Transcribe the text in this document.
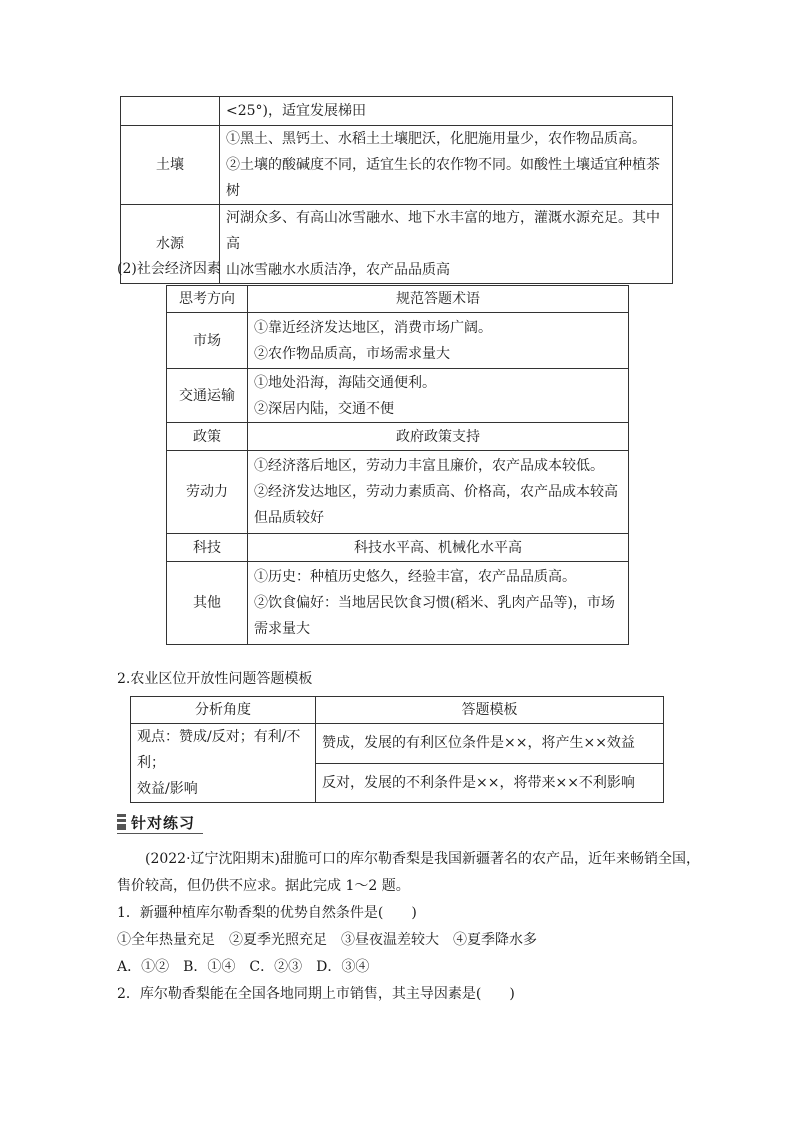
	<25°)，适宜发展梯田

土壤	①黑土、黑钙土、水稻土土壤肥沃，化肥施用量少，农作物品质高。
②土壤的酸碱度不同，适宜生长的农作物不同。如酸性土壤适宜种植茶树

水源	河湖众多、有高山冰雪融水、地下水丰富的地方，灌溉水源充足。其中高
山冰雪融水水质洁净，农产品品质高
(2)社会经济因素
思考方向	规范答题术语
市场	①靠近经济发达地区，消费市场广阔。
②农作物品质高，市场需求量大

交通运输	①地处沿海，海陆交通便利。
②深居内陆，交通不便

政策	政府政策支持
劳动力	①经济落后地区，劳动力丰富且廉价，农产品成本较低。
②经济发达地区，劳动力素质高、价格高，农产品成本较高
但品质较好

科技	科技水平高、机械化水平高
其他	①历史：种植历史悠久，经验丰富，农产品品质高。
②饮食偏好：当地居民饮食习惯(稻米、乳肉产品等)，市场
需求量大
2.农业区位开放性问题答题模板
分析角度	答题模板

观点：赞成/反对；有利/不利；
效益/影响	赞成，发展的有利区位条件是××，将产生××效益
	反对，发展的不利条件是××，将带来××不利影响
针对练习
(2022·辽宁沈阳期末)甜脆可口的库尔勒香梨是我国新疆著名的农产品，近年来畅销全国，
售价较高，但仍供不应求。据此完成 1～2 题。
1．新疆种植库尔勒香梨的优势自然条件是(　　)
①全年热量充足　②夏季光照充足　③昼夜温差较大　④夏季降水多
A．①②　B．①④　C．②③　D．③④
2．库尔勒香梨能在全国各地同期上市销售，其主导因素是(　　)
